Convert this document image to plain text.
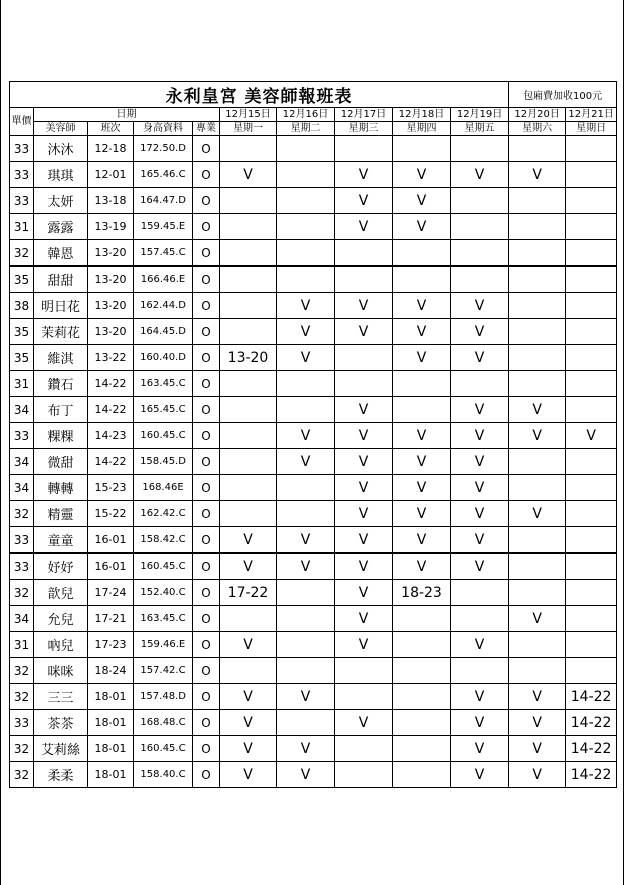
永利皇宮 美容師報班表										包廂費加收100元	
單價	日期				12月15日	12月16日	12月17日	12月18日	12月19日	12月20日	12月21日
	美容師	班次	身高資料	專業	星期一	星期二	星期三	星期四	星期五	星期六	星期日
33	沐沐	12-18	172.50.D	O							
33	琪琪	12-01	165.46.C	O	V		V	V	V	V	
33	太妍	13-18	164.47.D	O			V	V			
31	露露	13-19	159.45.E	O			V	V			
32	韓恩	13-20	157.45.C	O							
35	甜甜	13-20	166.46.E	O							
38	明日花	13-20	162.44.D	O		V	V	V	V		
35	茉莉花	13-20	164.45.D	O		V	V	V	V		
35	維淇	13-22	160.40.D	O	13-20	V		V	V		
31	鑽石	14-22	163.45.C	O							
34	布丁	14-22	165.45.C	O			V		V	V	
33	粿粿	14-23	160.45.C	O		V	V	V	V	V	V
34	微甜	14-22	158.45.D	O		V	V	V	V		
34	轉轉	15-23	168.46E	O			V	V	V		
32	精靈	15-22	162.42.C	O			V	V	V	V	
33	童童	16-01	158.42.C	O	V	V	V	V	V		
33	妤妤	16-01	160.45.C	O	V	V	V	V	V		
32	歆兒	17-24	152.40.C	O	17-22		V	18-23			
34	允兒	17-21	163.45.C	O			V			V	
31	吶兒	17-23	159.46.E	O	V		V		V		
32	咪咪	18-24	157.42.C	O							
32	三三	18-01	157.48.D	O	V	V			V	V	14-22
33	茶茶	18-01	168.48.C	O	V		V		V	V	14-22
32	艾莉絲	18-01	160.45.C	O	V	V			V	V	14-22
32	柔柔	18-01	158.40.C	O	V	V			V	V	14-22
